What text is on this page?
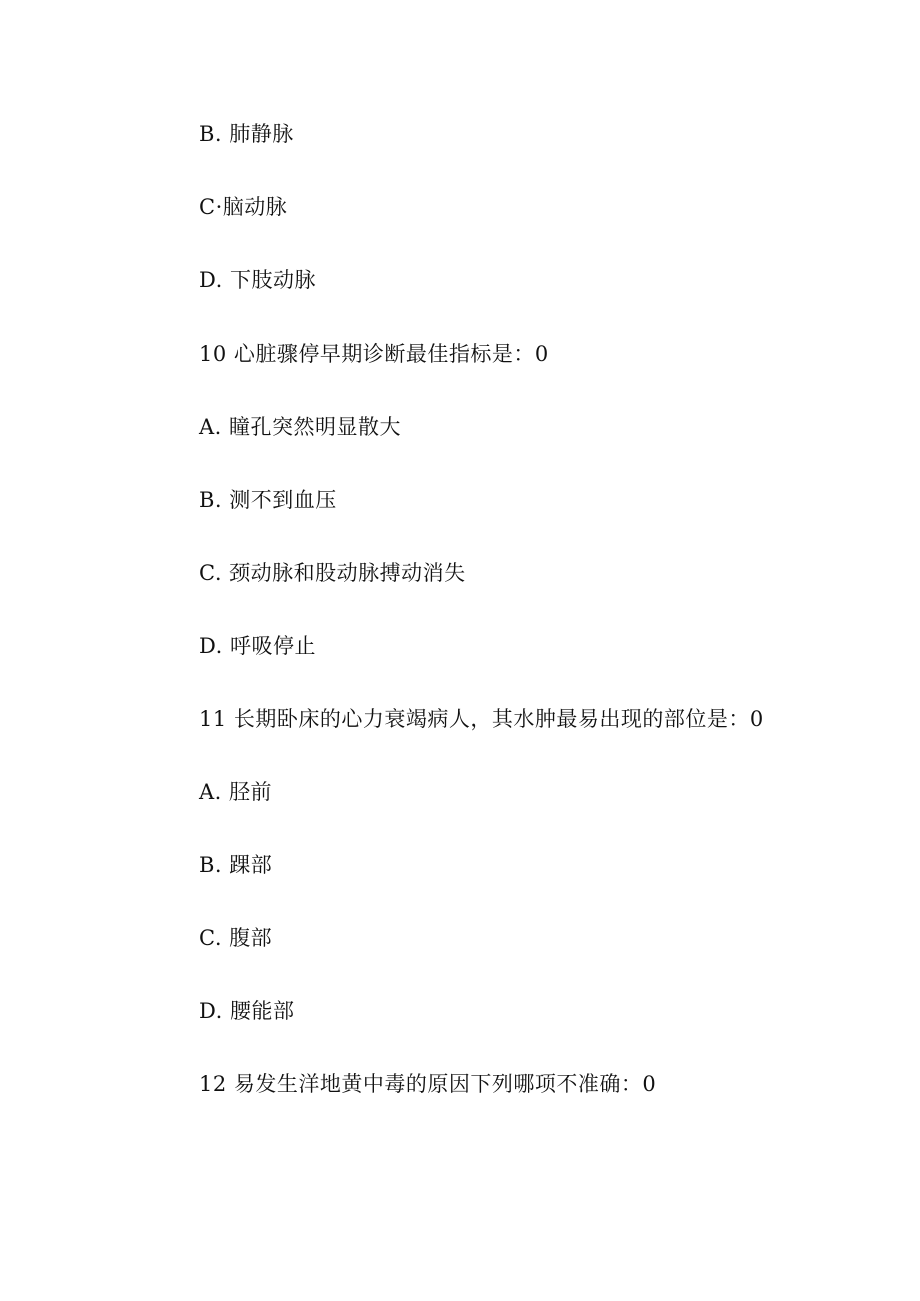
B. 肺静脉
C·脑动脉
D. 下肢动脉
10 心脏骤停早期诊断最佳指标是：0
A. 瞳孔突然明显散大
B. 测不到血压
C. 颈动脉和股动脉搏动消失
D. 呼吸停止
11 长期卧床的心力衰竭病人，其水肿最易出现的部位是：0
A. 胫前
B. 踝部
C. 腹部
D. 腰能部
12 易发生洋地黄中毒的原因下列哪项不准确：0
